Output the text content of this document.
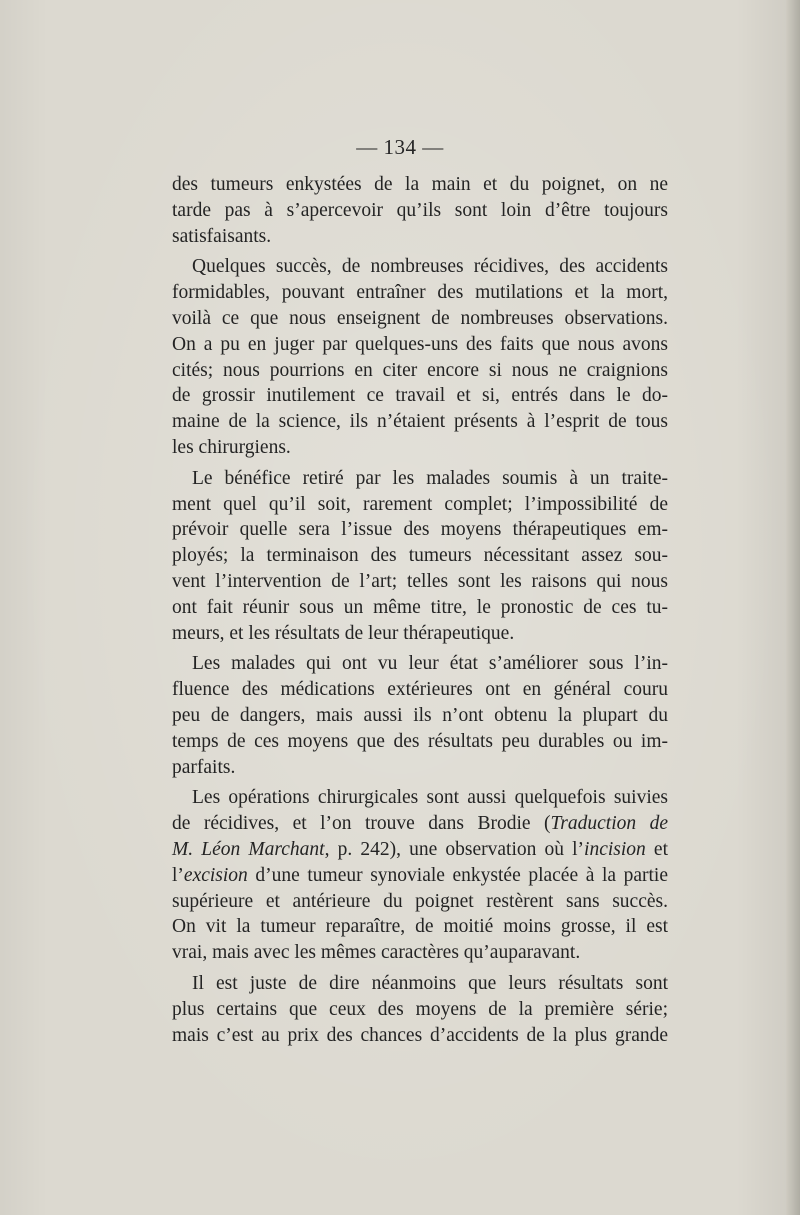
— 134 —

des tumeurs enkystées de la main et du poignet, on ne
tarde pas à s’apercevoir qu’ils sont loin d’être toujours
satisfaisants.

Quelques succès, de nombreuses récidives, des accidents
formidables, pouvant entraîner des mutilations et la mort,
voilà ce que nous enseignent de nombreuses observations.
On a pu en juger par quelques-uns des faits que nous avons
cités; nous pourrions en citer encore si nous ne craignions
de grossir inutilement ce travail et si, entrés dans le do-
maine de la science, ils n’étaient présents à l’esprit de tous
les chirurgiens.

Le bénéfice retiré par les malades soumis à un traite-
ment quel qu’il soit, rarement complet; l’impossibilité de
prévoir quelle sera l’issue des moyens thérapeutiques em-
ployés; la terminaison des tumeurs nécessitant assez sou-
vent l’intervention de l’art; telles sont les raisons qui nous
ont fait réunir sous un même titre, le pronostic de ces tu-
meurs, et les résultats de leur thérapeutique.

Les malades qui ont vu leur état s’améliorer sous l’in-
fluence des médications extérieures ont en général couru
peu de dangers, mais aussi ils n’ont obtenu la plupart du
temps de ces moyens que des résultats peu durables ou im-
parfaits.

Les opérations chirurgicales sont aussi quelquefois suivies
de récidives, et l’on trouve dans Brodie (Traduction de
M. Léon Marchant, p. 242), une observation où l’incision et
l’excision d’une tumeur synoviale enkystée placée à la partie
supérieure et antérieure du poignet restèrent sans succès.
On vit la tumeur reparaître, de moitié moins grosse, il est
vrai, mais avec les mêmes caractères qu’auparavant.

Il est juste de dire néanmoins que leurs résultats sont
plus certains que ceux des moyens de la première série;
mais c’est au prix des chances d’accidents de la plus grande
